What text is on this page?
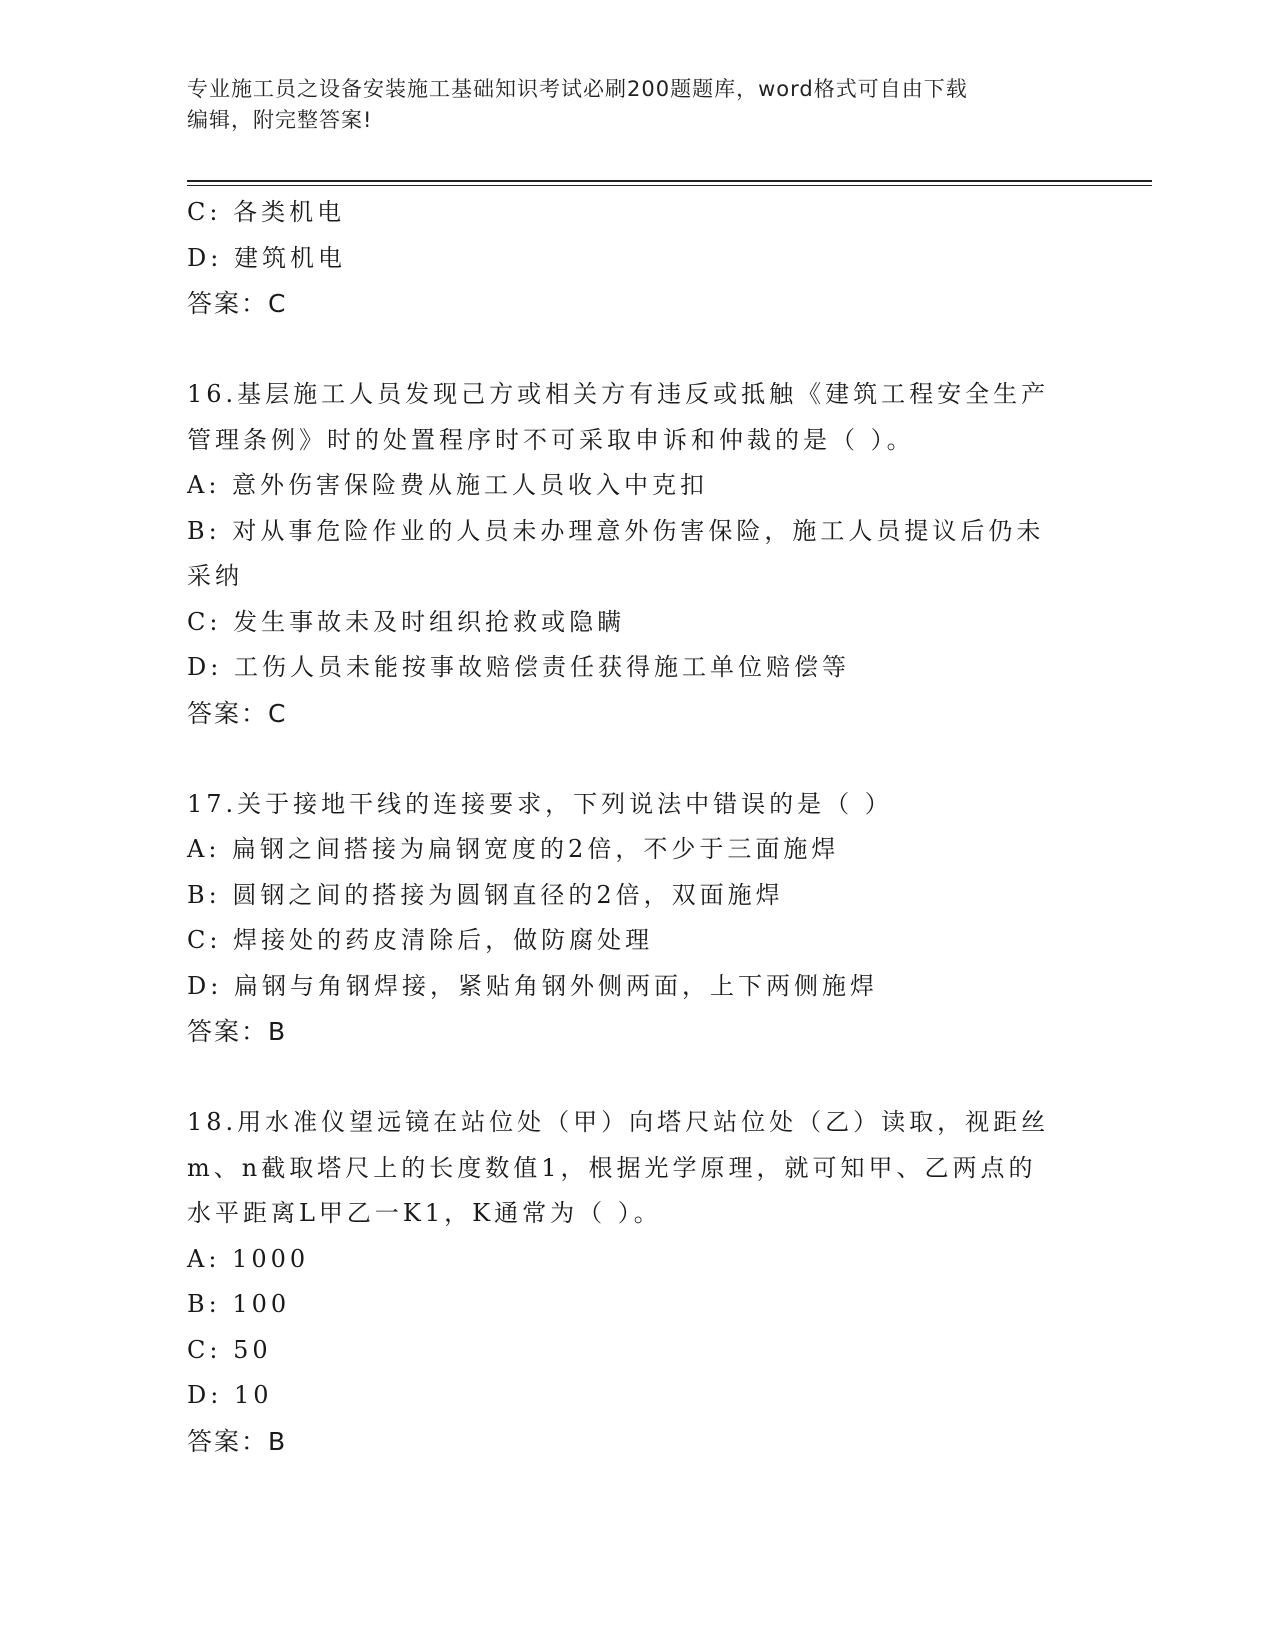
专业施工员之设备安装施工基础知识考试必刷200题题库，word格式可自由下载
编辑，附完整答案!
C: 各类机电
D: 建筑机电
答案：C
16.基层施工人员发现己方或相关方有违反或抵触《建筑工程安全生产
管理条例》时的处置程序时不可采取申诉和仲裁的是（ ）。
A: 意外伤害保险费从施工人员收入中克扣
B: 对从事危险作业的人员未办理意外伤害保险，施工人员提议后仍未
采纳
C: 发生事故未及时组织抢救或隐瞒
D: 工伤人员未能按事故赔偿责任获得施工单位赔偿等
答案：C
17.关于接地干线的连接要求，下列说法中错误的是（ ）
A: 扁钢之间搭接为扁钢宽度的2倍，不少于三面施焊
B: 圆钢之间的搭接为圆钢直径的2倍，双面施焊
C: 焊接处的药皮清除后，做防腐处理
D: 扁钢与角钢焊接，紧贴角钢外侧两面，上下两侧施焊
答案：B
18.用水准仪望远镜在站位处（甲）向塔尺站位处（乙）读取，视距丝
m、n截取塔尺上的长度数值1，根据光学原理，就可知甲、乙两点的
水平距离L甲乙一K1，K通常为（ ）。
A: 1000
B: 100
C: 50
D: 10
答案：B
